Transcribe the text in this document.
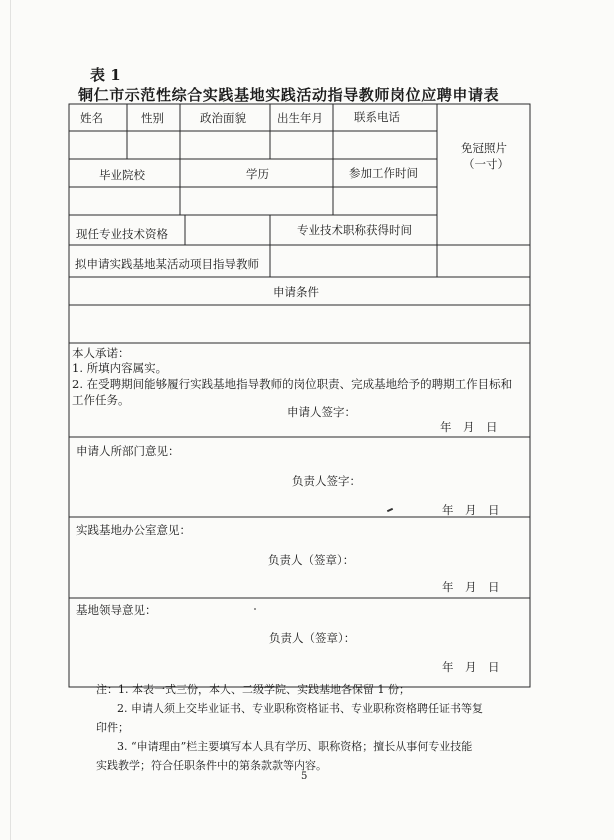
表 1
铜仁市示范性综合实践基地实践活动指导教师岗位应聘申请表
姓名	性别	政治面貌	出生年月	联系电话
免冠照片
（一寸）
毕业院校	学历	参加工作时间
现任专业技术资格	专业技术职称获得时间
拟申请实践基地某活动项目指导教师
申请条件
本人承诺：
1. 所填内容属实。
2. 在受聘期间能够履行实践基地指导教师的岗位职责、完成基地给予的聘期工作目标和
工作任务。
申请人签字：
年　月　日
申请人所部门意见：
负责人签字：
年　月　日
实践基地办公室意见：
负责人（签章）：
年　月　日
基地领导意见：
负责人（签章）：
年　月　日
注：1. 本表一式三份，本人、二级学院、实践基地各保留 1 份；
2. 申请人须上交毕业证书、专业职称资格证书、专业职称资格聘任证书等复
印件；
3. “申请理由”栏主要填写本人具有学历、职称资格；擅长从事何专业技能
实践教学；符合任职条件中的第条款款等内容。
5
